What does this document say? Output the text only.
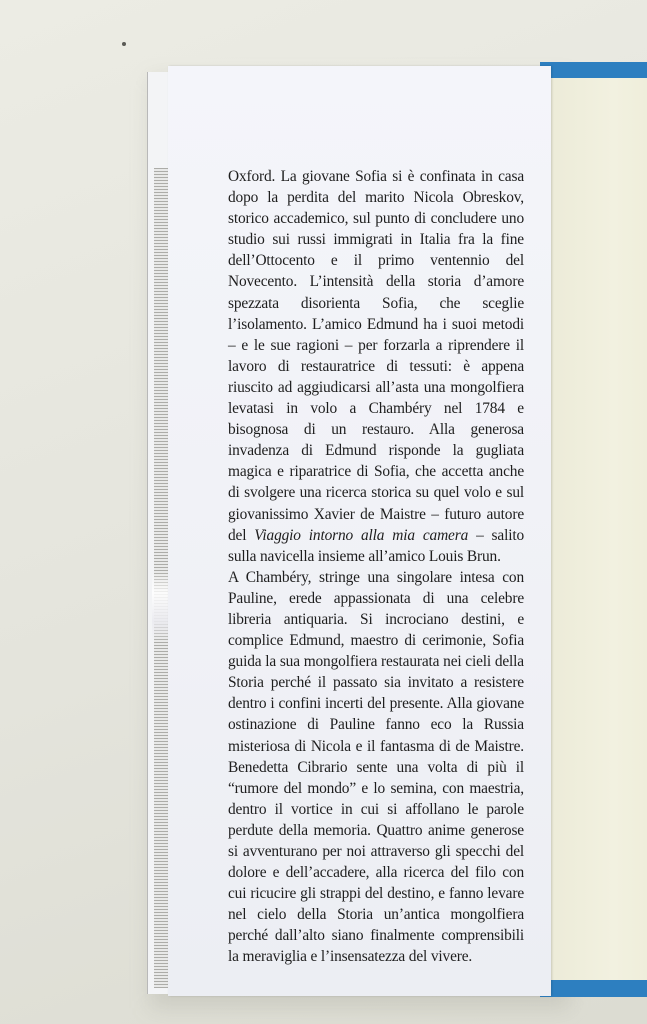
Oxford. La giovane Sofia si è confinata in casa dopo la perdita del marito Nicola Obreskov, storico accademico, sul punto di concludere uno studio sui russi immigrati in Italia fra la fine dell’Ottocento e il primo ventennio del Novecento. L’intensità della storia d’amore spezzata disorienta Sofia, che sceglie l’isolamento. L’amico Edmund ha i suoi metodi – e le sue ragioni – per forzarla a riprendere il lavoro di restauratrice di tessuti: è appena riuscito ad aggiudicarsi all’asta una mongolfiera levatasi in volo a Chambéry nel 1784 e bisognosa di un restauro. Alla generosa invadenza di Edmund risponde la gugliata magica e riparatrice di Sofia, che accetta anche di svolgere una ricerca storica su quel volo e sul giovanissimo Xavier de Maistre – futuro autore del Viaggio intorno alla mia camera – salito sulla navicella insieme all’amico Louis Brun.

A Chambéry, stringe una singolare intesa con Pauline, erede appassionata di una celebre libreria antiquaria. Si incrociano destini, e complice Edmund, maestro di cerimonie, Sofia guida la sua mongolfiera restaurata nei cieli della Storia perché il passato sia invitato a resistere dentro i confini incerti del presente. Alla giovane ostinazione di Pauline fanno eco la Russia misteriosa di Nicola e il fantasma di de Maistre. Benedetta Cibrario sente una volta di più il “rumore del mondo” e lo semina, con maestria, dentro il vortice in cui si affollano le parole perdute della memoria. Quattro anime generose si avventurano per noi attraverso gli specchi del dolore e dell’accadere, alla ricerca del filo con cui ricucire gli strappi del destino, e fanno levare nel cielo della Storia un’antica mongolfiera perché dall’alto siano finalmente comprensibili la meraviglia e l’insensatezza del vivere.
